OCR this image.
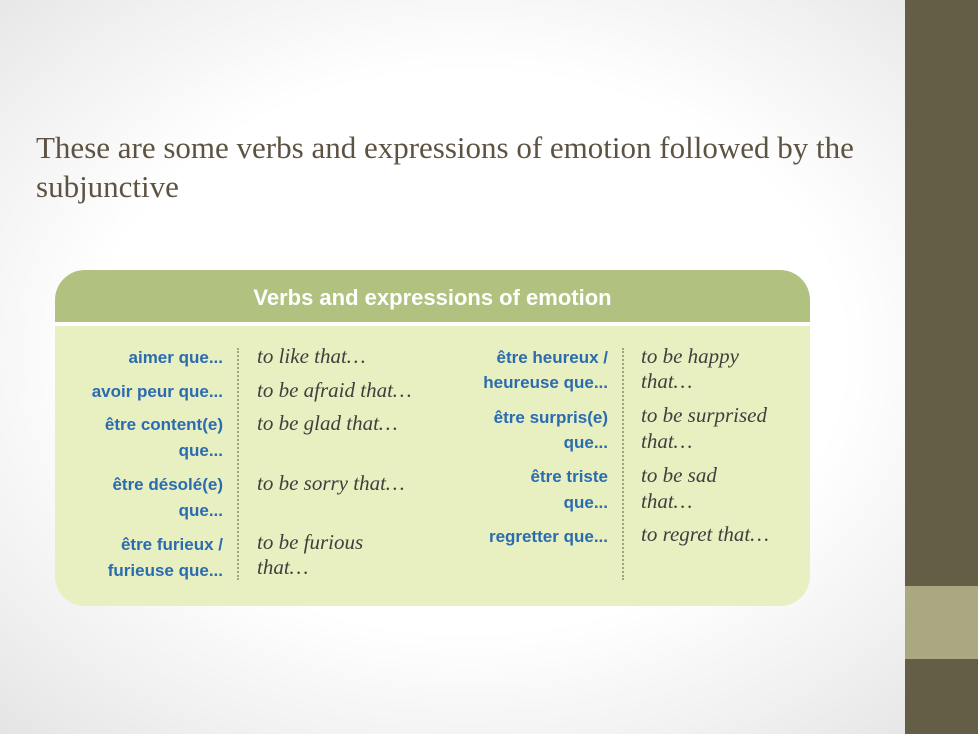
These are some verbs and expressions of emotion followed by the subjunctive
Verbs and expressions of emotion
aimer que...
avoir peur que...
être content(e)
que...
être désolé(e)
que...
être furieux /
furieuse que...
to like that…
to be afraid that…
to be glad that…
to be sorry that…
to be furious
that…
être heureux /
heureuse que...
être surpris(e)
que...
être triste
que...
regretter que...
to be happy
that…
to be surprised
that…
to be sad
that…
to regret that…
